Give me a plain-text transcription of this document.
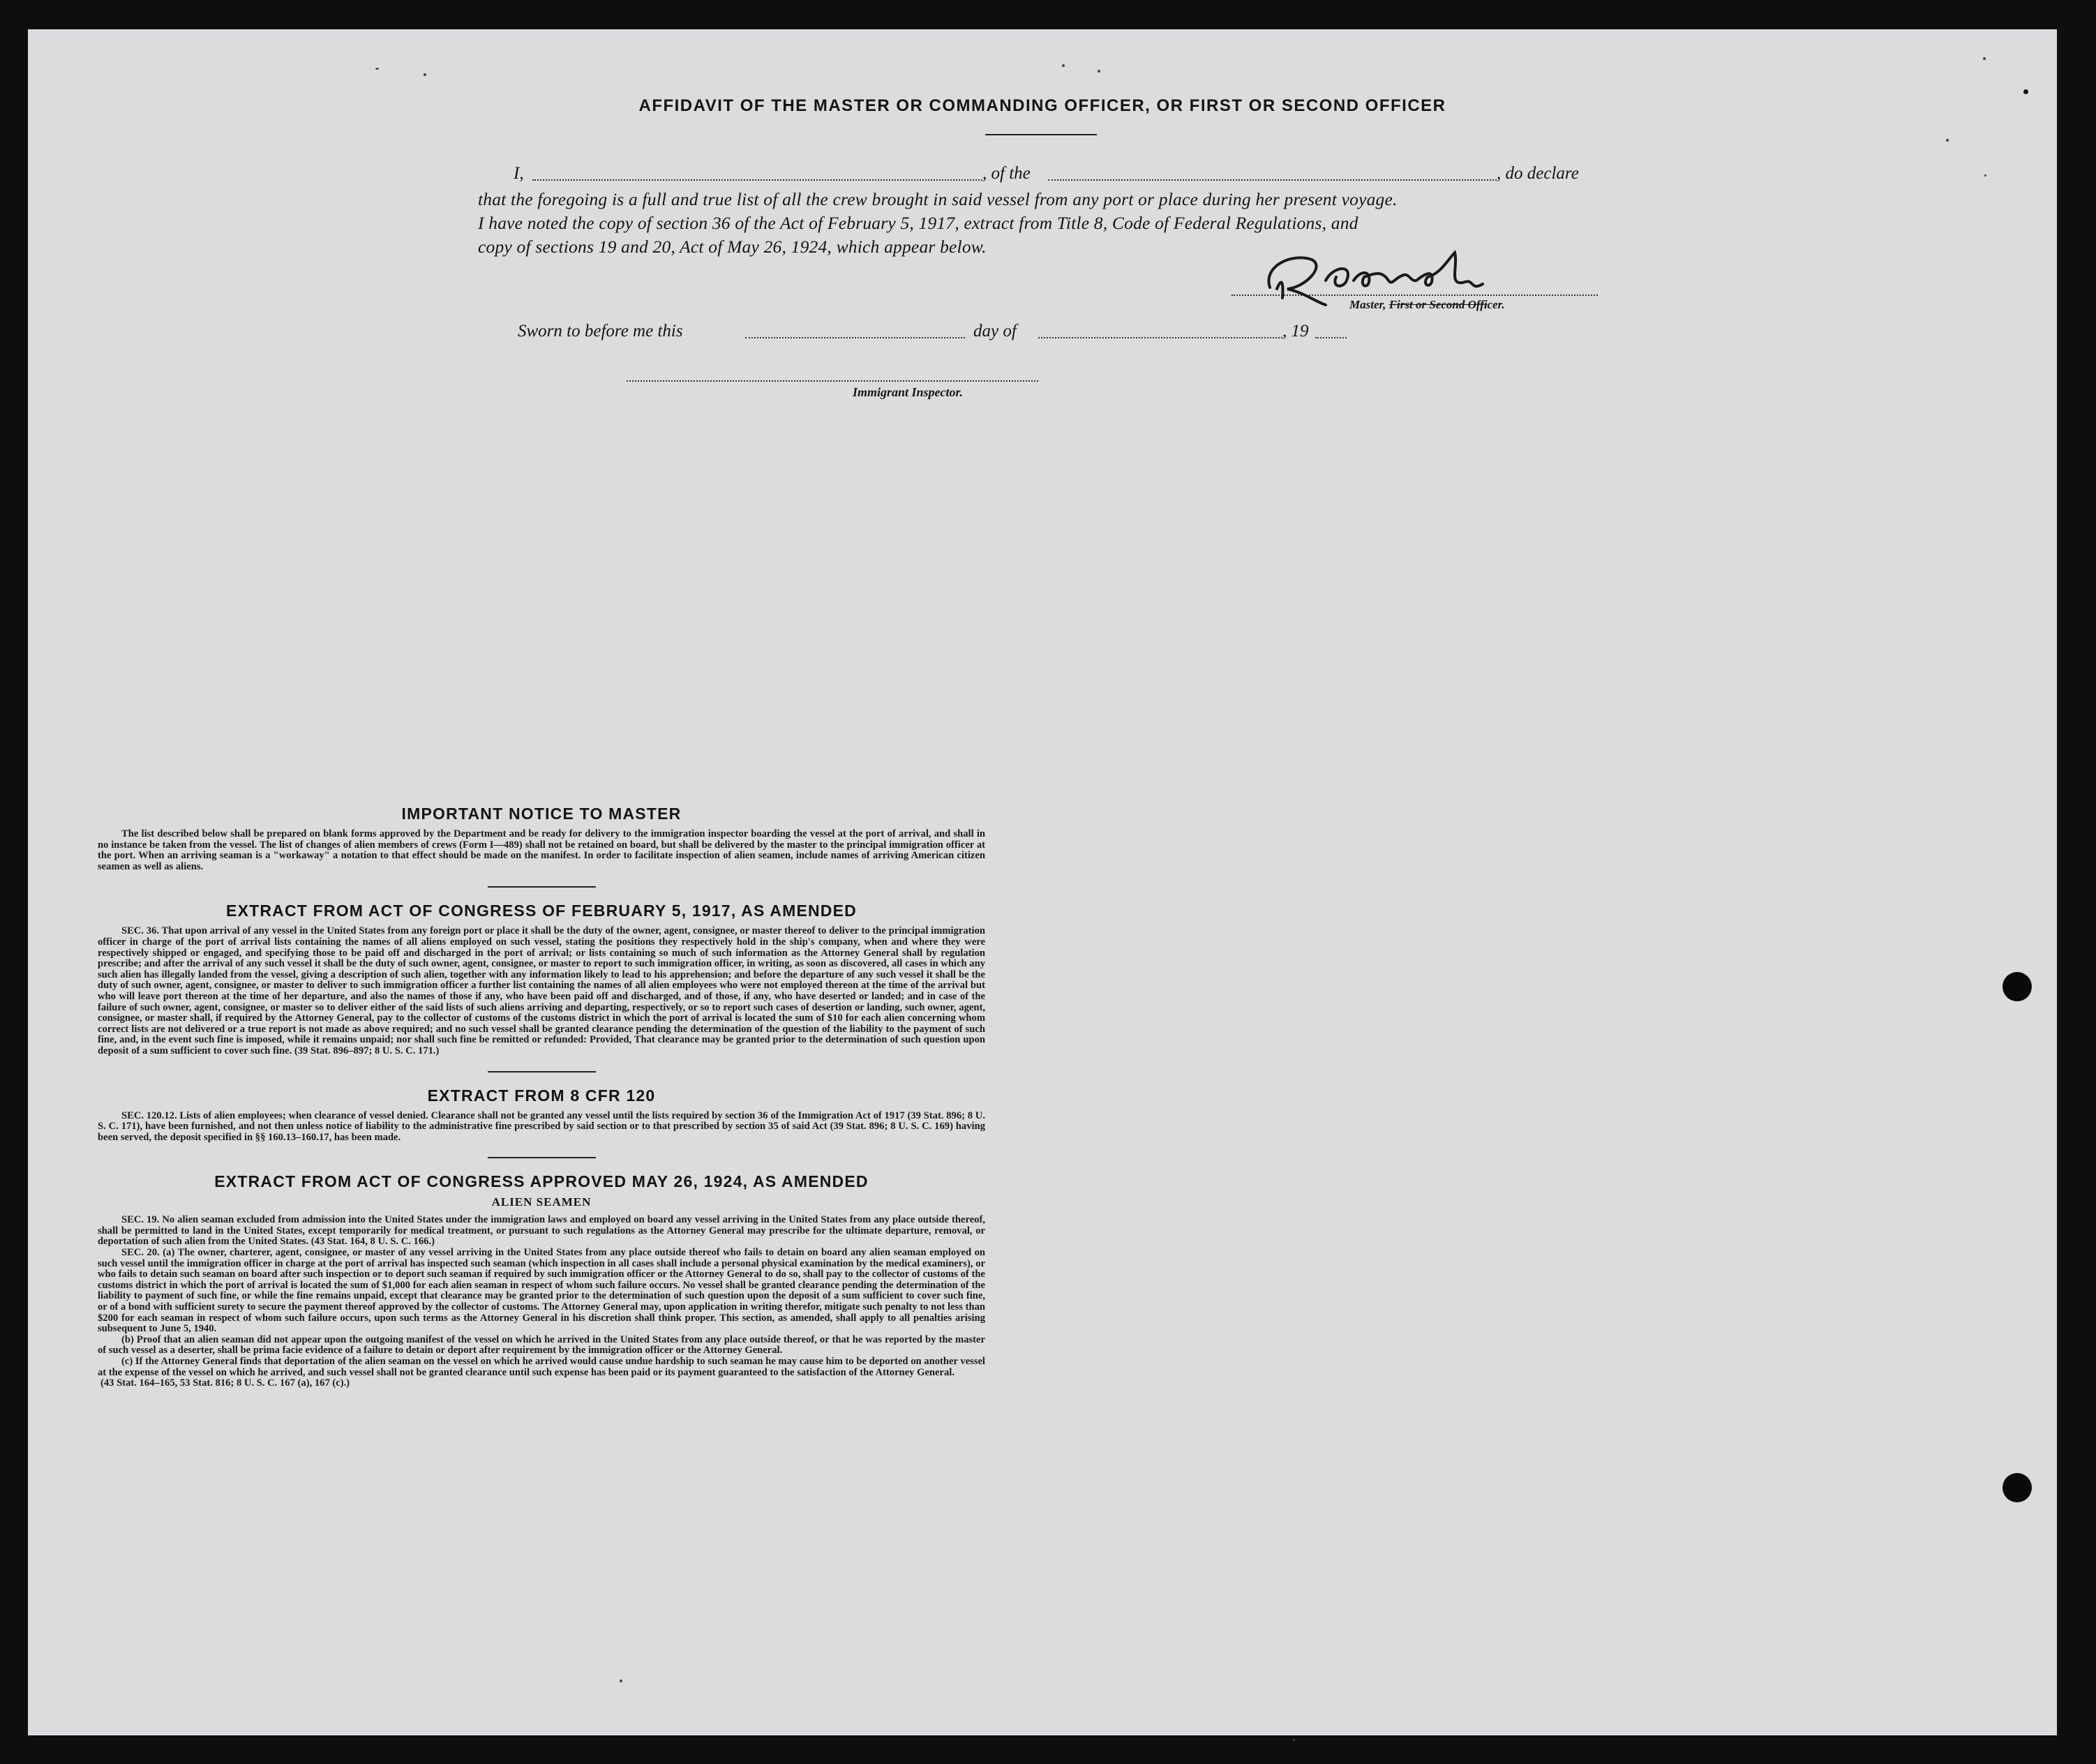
AFFIDAVIT OF THE MASTER OR COMMANDING OFFICER, OR FIRST OR SECOND OFFICER
I,	, of the	, do declare

that the foregoing is a full and true list of all the crew brought in said vessel from any port or place during her present voyage.

I have noted the copy of section 36 of the Act of February 5, 1917, extract from Title 8, Code of Federal Regulations, and

copy of sections 19 and 20, Act of May 26, 1924, which appear below.

Master, First or Second Officer.
Sworn to before me this	day of	, 19
Immigrant Inspector.
IMPORTANT NOTICE TO MASTER

The list described below shall be prepared on blank forms approved by the Department and be ready for delivery to the immigration inspector boarding the vessel at the port of arrival, and shall in no instance be taken from the vessel. The list of changes of alien members of crews (Form I—489) shall not be retained on board, but shall be delivered by the master to the principal immigration officer at the port. When an arriving seaman is a "workaway" a notation to that effect should be made on the manifest. In order to facilitate inspection of alien seamen, include names of arriving American citizen seamen as well as aliens.

EXTRACT FROM ACT OF CONGRESS OF FEBRUARY 5, 1917, AS AMENDED

SEC. 36. That upon arrival of any vessel in the United States from any foreign port or place it shall be the duty of the owner, agent, consignee, or master thereof to deliver to the principal immigration officer in charge of the port of arrival lists containing the names of all aliens employed on such vessel, stating the positions they respectively hold in the ship's company, when and where they were respectively shipped or engaged, and specifying those to be paid off and discharged in the port of arrival; or lists containing so much of such information as the Attorney General shall by regulation prescribe; and after the arrival of any such vessel it shall be the duty of such owner, agent, consignee, or master to report to such immigration officer, in writing, as soon as discovered, all cases in which any such alien has illegally landed from the vessel, giving a description of such alien, together with any information likely to lead to his apprehension; and before the departure of any such vessel it shall be the duty of such owner, agent, consignee, or master to deliver to such immigration officer a further list containing the names of all alien employees who were not employed thereon at the time of the arrival but who will leave port thereon at the time of her departure, and also the names of those if any, who have been paid off and discharged, and of those, if any, who have deserted or landed; and in case of the failure of such owner, agent, consignee, or master so to deliver either of the said lists of such aliens arriving and departing, respectively, or so to report such cases of desertion or landing, such owner, agent, consignee, or master shall, if required by the Attorney General, pay to the collector of customs of the customs district in which the port of arrival is located the sum of $10 for each alien concerning whom correct lists are not delivered or a true report is not made as above required; and no such vessel shall be granted clearance pending the determination of the question of the liability to the payment of such fine, and, in the event such fine is imposed, while it remains unpaid; nor shall such fine be remitted or refunded: Provided, That clearance may be granted prior to the determination of such question upon deposit of a sum sufficient to cover such fine. (39 Stat. 896–897; 8 U. S. C. 171.)

EXTRACT FROM 8 CFR 120

SEC. 120.12. Lists of alien employees; when clearance of vessel denied. Clearance shall not be granted any vessel until the lists required by section 36 of the Immigration Act of 1917 (39 Stat. 896; 8 U. S. C. 171), have been furnished, and not then unless notice of liability to the administrative fine prescribed by said section or to that prescribed by section 35 of said Act (39 Stat. 896; 8 U. S. C. 169) having been served, the deposit specified in §§ 160.13–160.17, has been made.

EXTRACT FROM ACT OF CONGRESS APPROVED MAY 26, 1924, AS AMENDED
ALIEN SEAMEN

SEC. 19. No alien seaman excluded from admission into the United States under the immigration laws and employed on board any vessel arriving in the United States from any place outside thereof, shall be permitted to land in the United States, except temporarily for medical treatment, or pursuant to such regulations as the Attorney General may prescribe for the ultimate departure, removal, or deportation of such alien from the United States. (43 Stat. 164, 8 U. S. C. 166.)

SEC. 20. (a) The owner, charterer, agent, consignee, or master of any vessel arriving in the United States from any place outside thereof who fails to detain on board any alien seaman employed on such vessel until the immigration officer in charge at the port of arrival has inspected such seaman (which inspection in all cases shall include a personal physical examination by the medical examiners), or who fails to detain such seaman on board after such inspection or to deport such seaman if required by such immigration officer or the Attorney General to do so, shall pay to the collector of customs of the customs district in which the port of arrival is located the sum of $1,000 for each alien seaman in respect of whom such failure occurs. No vessel shall be granted clearance pending the determination of the liability to payment of such fine, or while the fine remains unpaid, except that clearance may be granted prior to the determination of such question upon the deposit of a sum sufficient to cover such fine, or of a bond with sufficient surety to secure the payment thereof approved by the collector of customs. The Attorney General may, upon application in writing therefor, mitigate such penalty to not less than $200 for each seaman in respect of whom such failure occurs, upon such terms as the Attorney General in his discretion shall think proper. This section, as amended, shall apply to all penalties arising subsequent to June 5, 1940.

(b) Proof that an alien seaman did not appear upon the outgoing manifest of the vessel on which he arrived in the United States from any place outside thereof, or that he was reported by the master of such vessel as a deserter, shall be prima facie evidence of a failure to detain or deport after requirement by the immigration officer or the Attorney General.

(c) If the Attorney General finds that deportation of the alien seaman on the vessel on which he arrived would cause undue hardship to such seaman he may cause him to be deported on another vessel at the expense of the vessel on which he arrived, and such vessel shall not be granted clearance until such expense has been paid or its payment guaranteed to the satisfaction of the Attorney General.

(43 Stat. 164–165, 53 Stat. 816; 8 U. S. C. 167 (a), 167 (c).)
